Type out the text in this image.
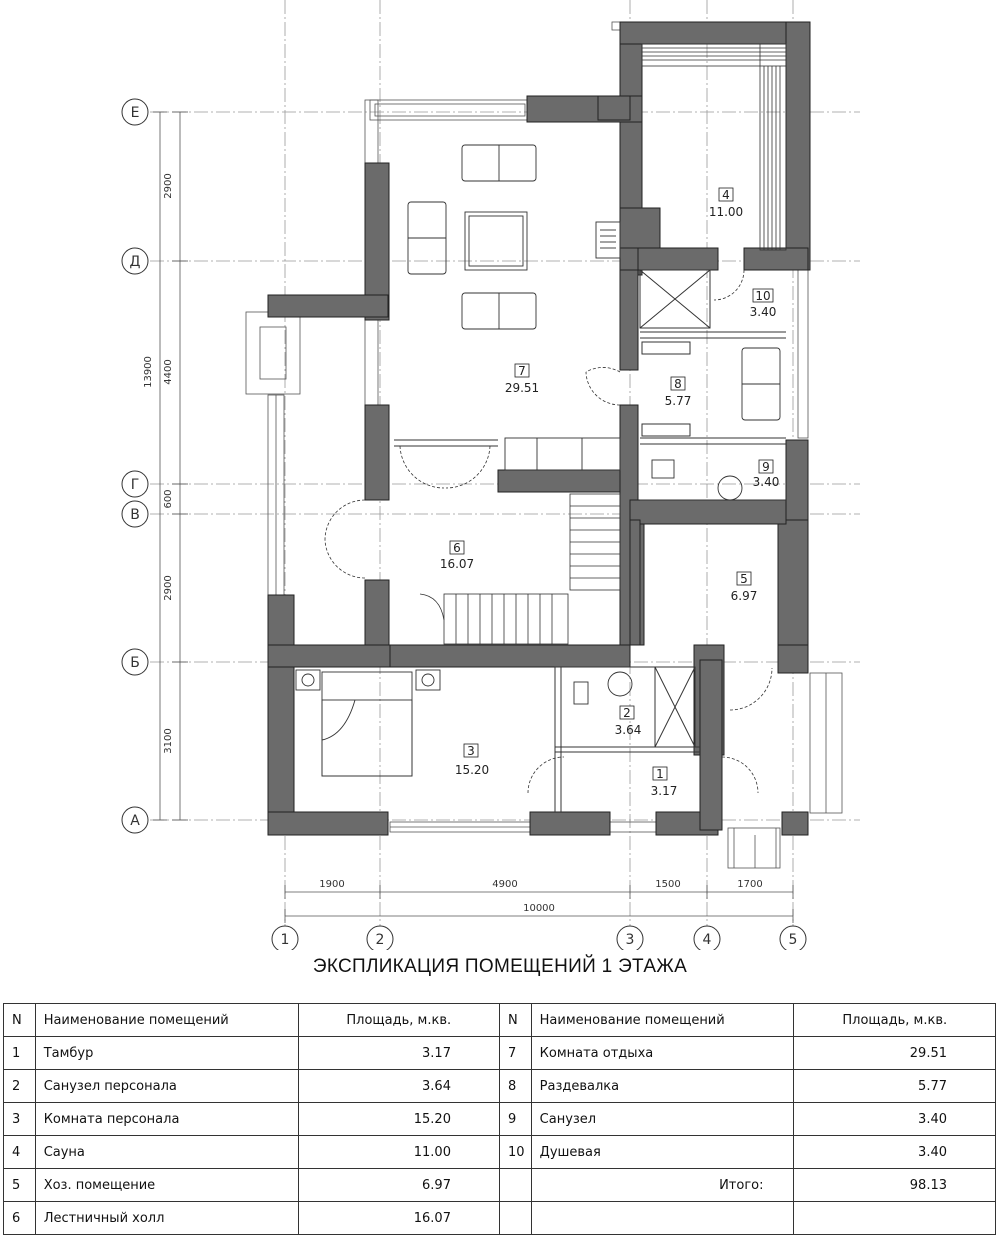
2900
4400
13900
600
2900
3100
1900	4900	1500	1700
10000
Е
Д
Г
В
Б
А
1	2	3	4	5
1
3.17
2
3.64
3
15.20
4
11.00
5
6.97
6
16.07
7
29.51	8
5.77
9
3.40
10
3.40
ЭКСПЛИКАЦИЯ ПОМЕЩЕНИЙ 1 ЭТАЖА
N	Наименование помещений	Площадь, м.кв.	N	Наименование помещений	Площадь, м.кв.
1	Тамбур	3.17	7	Комната отдыха	29.51
2	Санузел персонала	3.64	8	Раздевалка	5.77
3	Комната персонала	15.20	9	Санузел	3.40
4	Сауна	11.00	10	Душевая	3.40
5	Хоз. помещение	6.97		Итого:	98.13
6	Лестничный холл	16.07			
